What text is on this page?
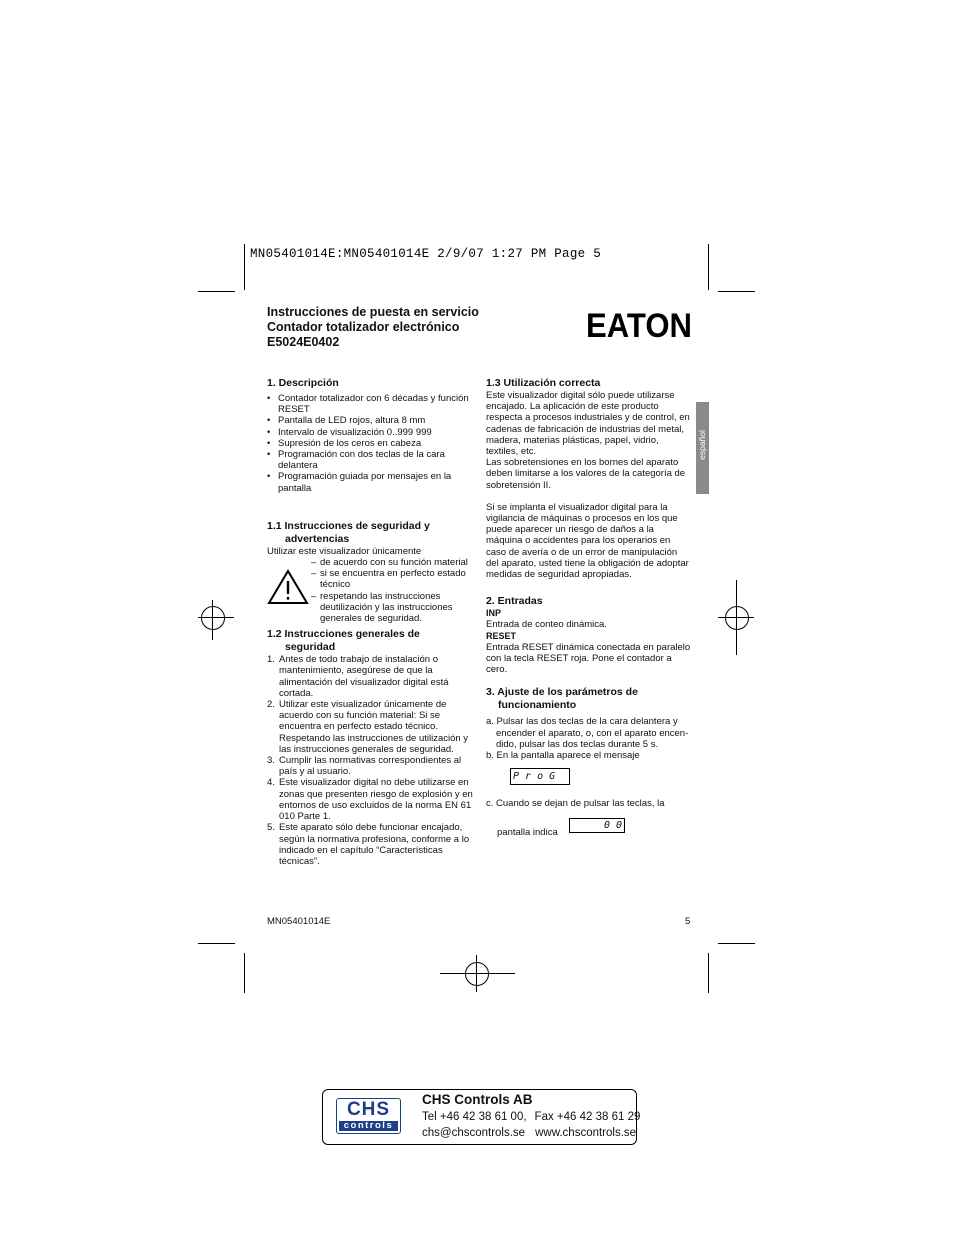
MN05401014E:MN05401014E 2/9/07 1:27 PM Page 5
Instrucciones de puesta en servicio
Contador totalizador electrónico
E5024E0402	EATON
español
1. Descripción
• Contador totalizador con 6 décadas y función RESET
• Pantalla de LED rojos, altura 8 mm
• Intervalo de visualización 0..999 999
• Supresión de los ceros en cabeza
• Programación con dos teclas de la cara delantera
• Programación guiada por mensajes en la pantalla
1.1 Instrucciones de seguridad y advertencias
Utilizar este visualizador únicamente
– de acuerdo con su función material
– si se encuentra en perfecto estado técnico
– respetando las instrucciones deutilización y las instrucciones generales de seguridad.
1.2 Instrucciones generales de seguridad
1. Antes de todo trabajo de instalación o mantenimiento, asegúrese de que la alimentación del visualizador digital está cortada.
2. Utilizar este visualizador únicamente de acuerdo con su función material: Si se encuentra en perfecto estado técnico. Respetando las instrucciones de utilización y las instrucciones generales de seguridad.
3. Cumplir las normativas correspondientes al país y al usuario.
4. Este visualizador digital no debe utilizarse en zonas que presenten riesgo de explosión y en entornos de uso excluidos de la norma EN 61 010 Parte 1.
5. Este aparato sólo debe funcionar encajado, según la normativa profesiona, conforme a lo indicado en el capítulo “Características técnicas”.
1.3 Utilización correcta
Este visualizador digital sólo puede utilizarse encajado. La aplicación de este producto respecta a procesos industriales y de control, en cadenas de fabricación de industrias del metal, madera, materias plásticas, papel, vidrio, textiles, etc.
Las sobretensiones en los bornes del aparato deben limitarse a los valores de la categoría de sobretensión II.
Si se implanta el visualizador digital para la vigilancia de máquinas o procesos en los que puede aparecer un riesgo de daños a la máquina o accidentes para los operarios en caso de avería o de un error de manipulación del aparato, usted tiene la obligación de adoptar medidas de seguridad apropiadas.
2. Entradas
INP
Entrada de conteo dinámica.
RESET
Entrada RESET dinámica conectada en paralelo con la tecla RESET roja. Pone el contador a cero.
3. Ajuste de los parámetros de funcionamiento
a. Pulsar las dos teclas de la cara delantera y encender el aparato, o, con el aparato encen-dido, pulsar las dos teclas durante 5 s.
b. En la pantalla aparece el mensaje
P r o G
c. Cuando se dejan de pulsar las teclas, la
pantalla indica
0 0
MN05401014E	5
CHS
controls
CHS Controls AB
Tel +46 42 38 61 00, Fax +46 42 38 61 29
chs@chscontrols.se www.chscontrols.se
